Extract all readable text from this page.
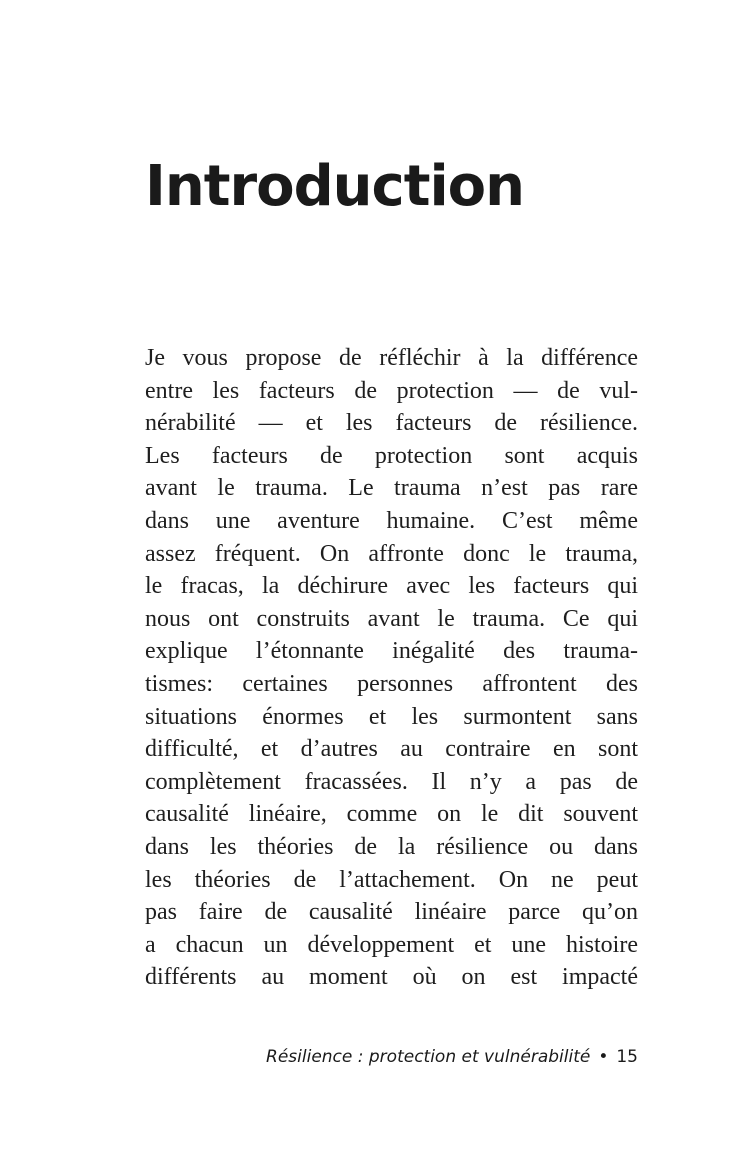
Introduction
Je vous propose de réfléchir à la différence
entre les facteurs de protection — de vul-
nérabilité — et les facteurs de résilience.
Les facteurs de protection sont acquis
avant le trauma. Le trauma n’est pas rare
dans une aventure humaine. C’est même
assez fréquent. On affronte donc le trauma,
le fracas, la déchirure avec les facteurs qui
nous ont construits avant le trauma. Ce qui
explique l’étonnante inégalité des trauma-
tismes: certaines personnes affrontent des
situations énormes et les surmontent sans
difficulté, et d’autres au contraire en sont
complètement fracassées. Il n’y a pas de
causalité linéaire, comme on le dit souvent
dans les théories de la résilience ou dans
les théories de l’attachement. On ne peut
pas faire de causalité linéaire parce qu’on
a chacun un développement et une histoire
différents au moment où on est impacté
Résilience : protection et vulnérabilité • 15
